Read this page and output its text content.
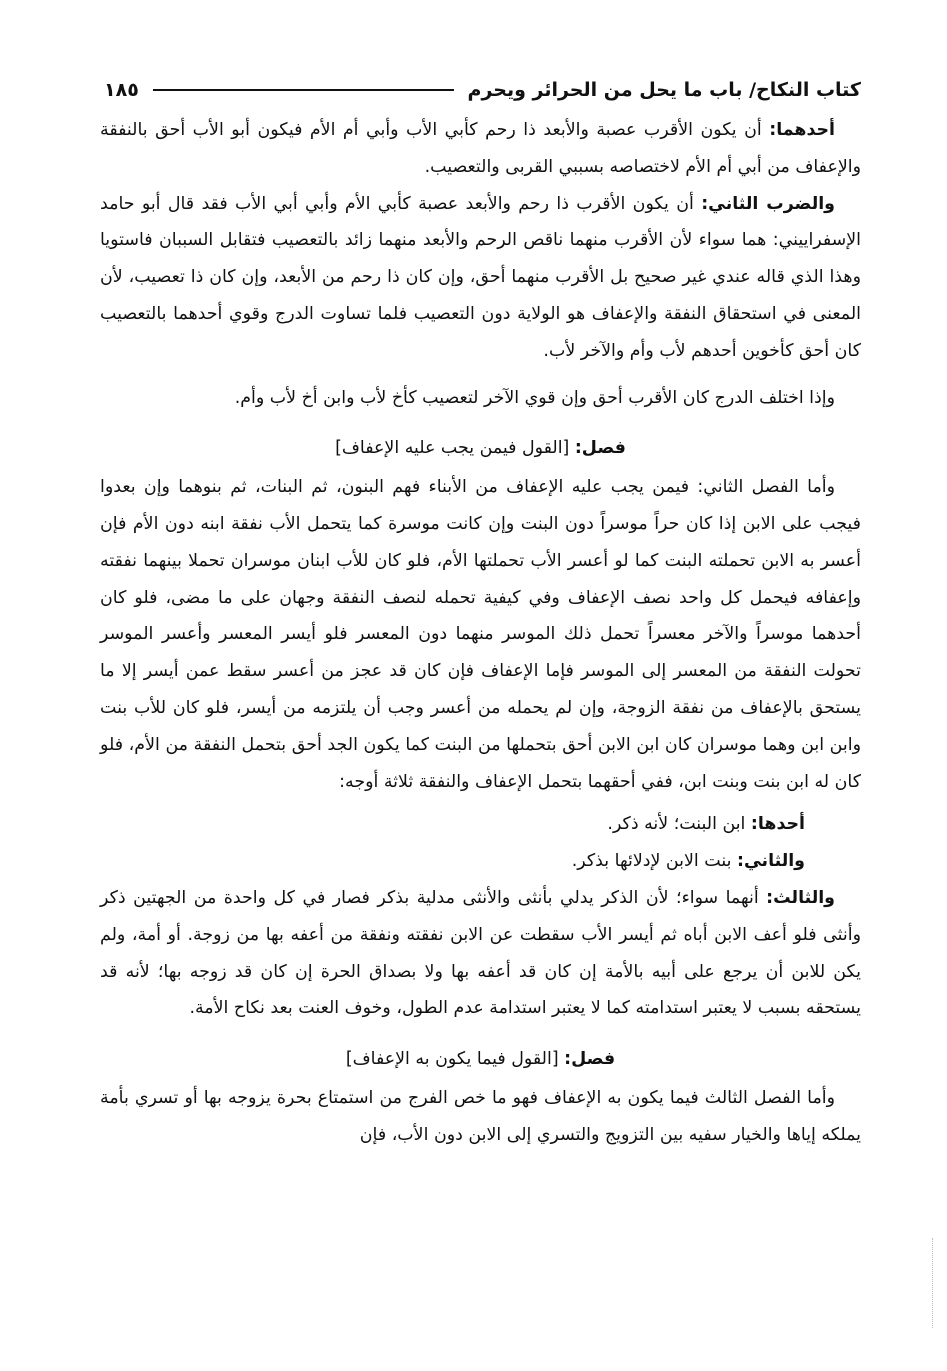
كتاب النكاح/ باب ما يحل من الحرائر ويحرم
١٨٥

أحدهما: أن يكون الأقرب عصبة والأبعد ذا رحم كأبي الأب وأبي أم الأم فيكون أبو الأب أحق بالنفقة والإعفاف من أبي أم الأم لاختصاصه بسببي القربى والتعصيب.

والضرب الثاني: أن يكون الأقرب ذا رحم والأبعد عصبة كأبي الأم وأبي أبي الأب فقد قال أبو حامد الإسفراييني: هما سواء لأن الأقرب منهما ناقص الرحم والأبعد منهما زائد بالتعصيب فتقابل السببان فاستويا وهذا الذي قاله عندي غير صحيح بل الأقرب منهما أحق، وإن كان ذا رحم من الأبعد، وإن كان ذا تعصيب، لأن المعنى في استحقاق النفقة والإعفاف هو الولاية دون التعصيب فلما تساوت الدرج وقوي أحدهما بالتعصيب كان أحق كأخوين أحدهم لأب وأم والآخر لأب.

وإذا اختلف الدرج كان الأقرب أحق وإن قوي الآخر لتعصيب كأخ لأب وابن أخ لأب وأم.

فصل: [القول فيمن يجب عليه الإعفاف]

وأما الفصل الثاني: فيمن يجب عليه الإعفاف من الأبناء فهم البنون، ثم البنات، ثم بنوهما وإن بعدوا فيجب على الابن إذا كان حراً موسراً دون البنت وإن كانت موسرة كما يتحمل الأب نفقة ابنه دون الأم فإن أعسر به الابن تحملته البنت كما لو أعسر الأب تحملتها الأم، فلو كان للأب ابنان موسران تحملا بينهما نفقته وإعفافه فيحمل كل واحد نصف الإعفاف وفي كيفية تحمله لنصف النفقة وجهان على ما مضى، فلو كان أحدهما موسراً والآخر معسراً تحمل ذلك الموسر منهما دون المعسر فلو أيسر المعسر وأعسر الموسر تحولت النفقة من المعسر إلى الموسر فإما الإعفاف فإن كان قد عجز من أعسر سقط عمن أيسر إلا ما يستحق بالإعفاف من نفقة الزوجة، وإن لم يحمله من أعسر وجب أن يلتزمه من أيسر، فلو كان للأب بنت وابن ابن وهما موسران كان ابن الابن أحق بتحملها من البنت كما يكون الجد أحق بتحمل النفقة من الأم، فلو كان له ابن بنت وبنت ابن، ففي أحقهما بتحمل الإعفاف والنفقة ثلاثة أوجه:

أحدها: ابن البنت؛ لأنه ذكر.

والثاني: بنت الابن لإدلائها بذكر.

والثالث: أنهما سواء؛ لأن الذكر يدلي بأنثى والأنثى مدلية بذكر فصار في كل واحدة من الجهتين ذكر وأنثى فلو أعف الابن أباه ثم أيسر الأب سقطت عن الابن نفقته ونفقة من أعفه بها من زوجة. أو أمة، ولم يكن للابن أن يرجع على أبيه بالأمة إن كان قد أعفه بها ولا بصداق الحرة إن كان قد زوجه بها؛ لأنه قد يستحقه بسبب لا يعتبر استدامته كما لا يعتبر استدامة عدم الطول، وخوف العنت بعد نكاح الأمة.

فصل: [القول فيما يكون به الإعفاف]

وأما الفصل الثالث فيما يكون به الإعفاف فهو ما خص الفرج من استمتاع بحرة يزوجه بها أو تسري بأمة يملكه إياها والخيار سفيه بين التزويج والتسري إلى الابن دون الأب، فإن
